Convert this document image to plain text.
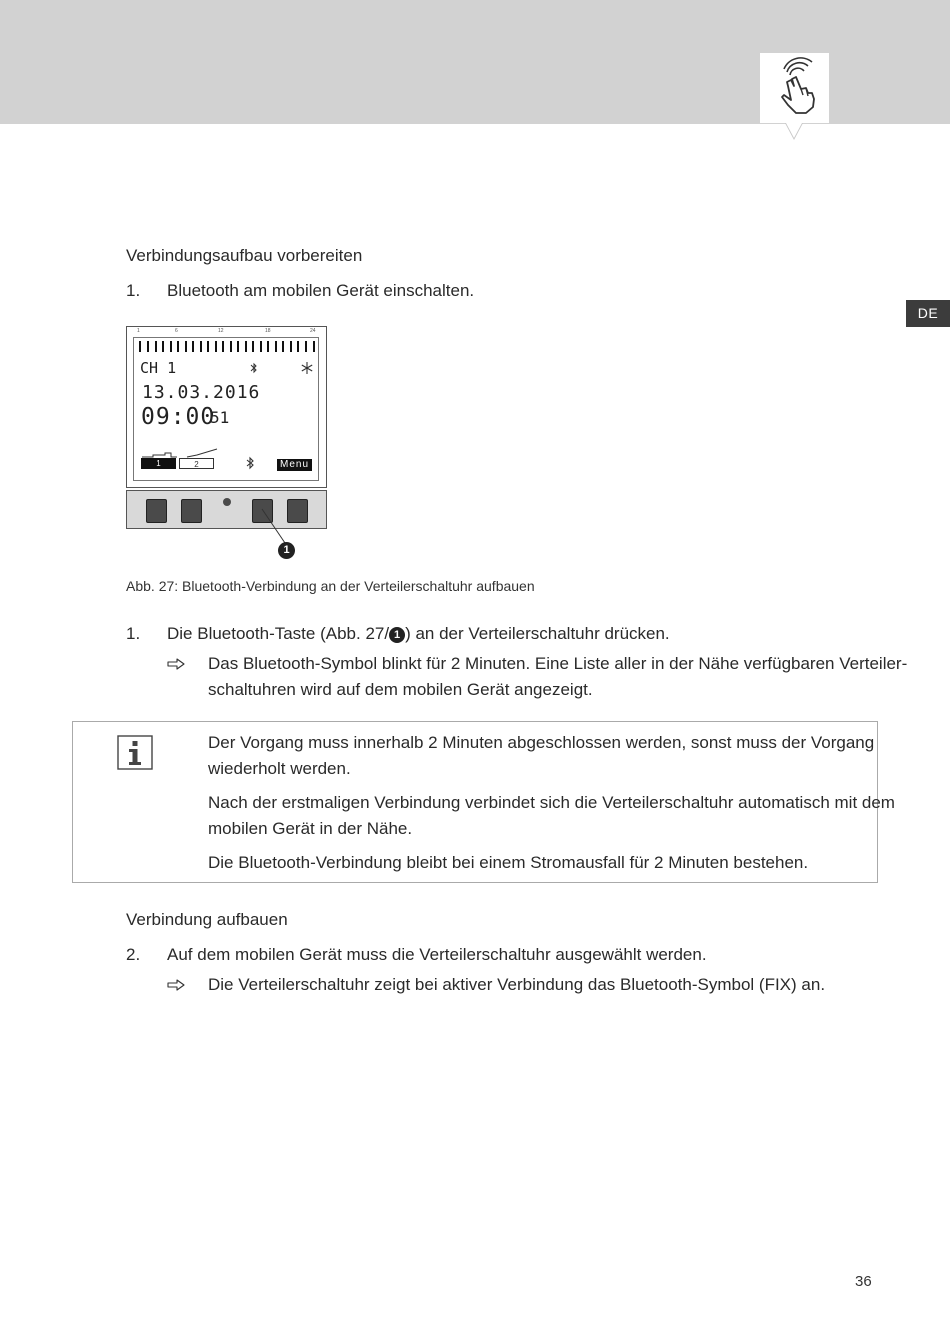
DE
Verbindungsaufbau vorbereiten
1. Bluetooth am mobilen Gerät einschalten.
1	6	12	18	24
CH 1
13.03.2016
09:00
51
1	2	Menu
1
Abb. 27: Bluetooth-Verbindung an der Verteilerschaltuhr aufbauen
1. Die Bluetooth-Taste (Abb. 27/ 1 ) an der Verteilerschaltuhr drücken.
Das Bluetooth-Symbol blinkt für 2 Minuten. Eine Liste aller in der Nähe verfügbaren Verteiler-
schaltuhren wird auf dem mobilen Gerät angezeigt.
Der Vorgang muss innerhalb 2 Minuten abgeschlossen werden, sonst muss der Vorgang
wiederholt werden.
Nach der erstmaligen Verbindung verbindet sich die Verteilerschaltuhr automatisch mit dem
mobilen Gerät in der Nähe.
Die Bluetooth-Verbindung bleibt bei einem Stromausfall für 2 Minuten bestehen.
Verbindung aufbauen
2. Auf dem mobilen Gerät muss die Verteilerschaltuhr ausgewählt werden.
Die Verteilerschaltuhr zeigt bei aktiver Verbindung das Bluetooth-Symbol (FIX) an.
36
